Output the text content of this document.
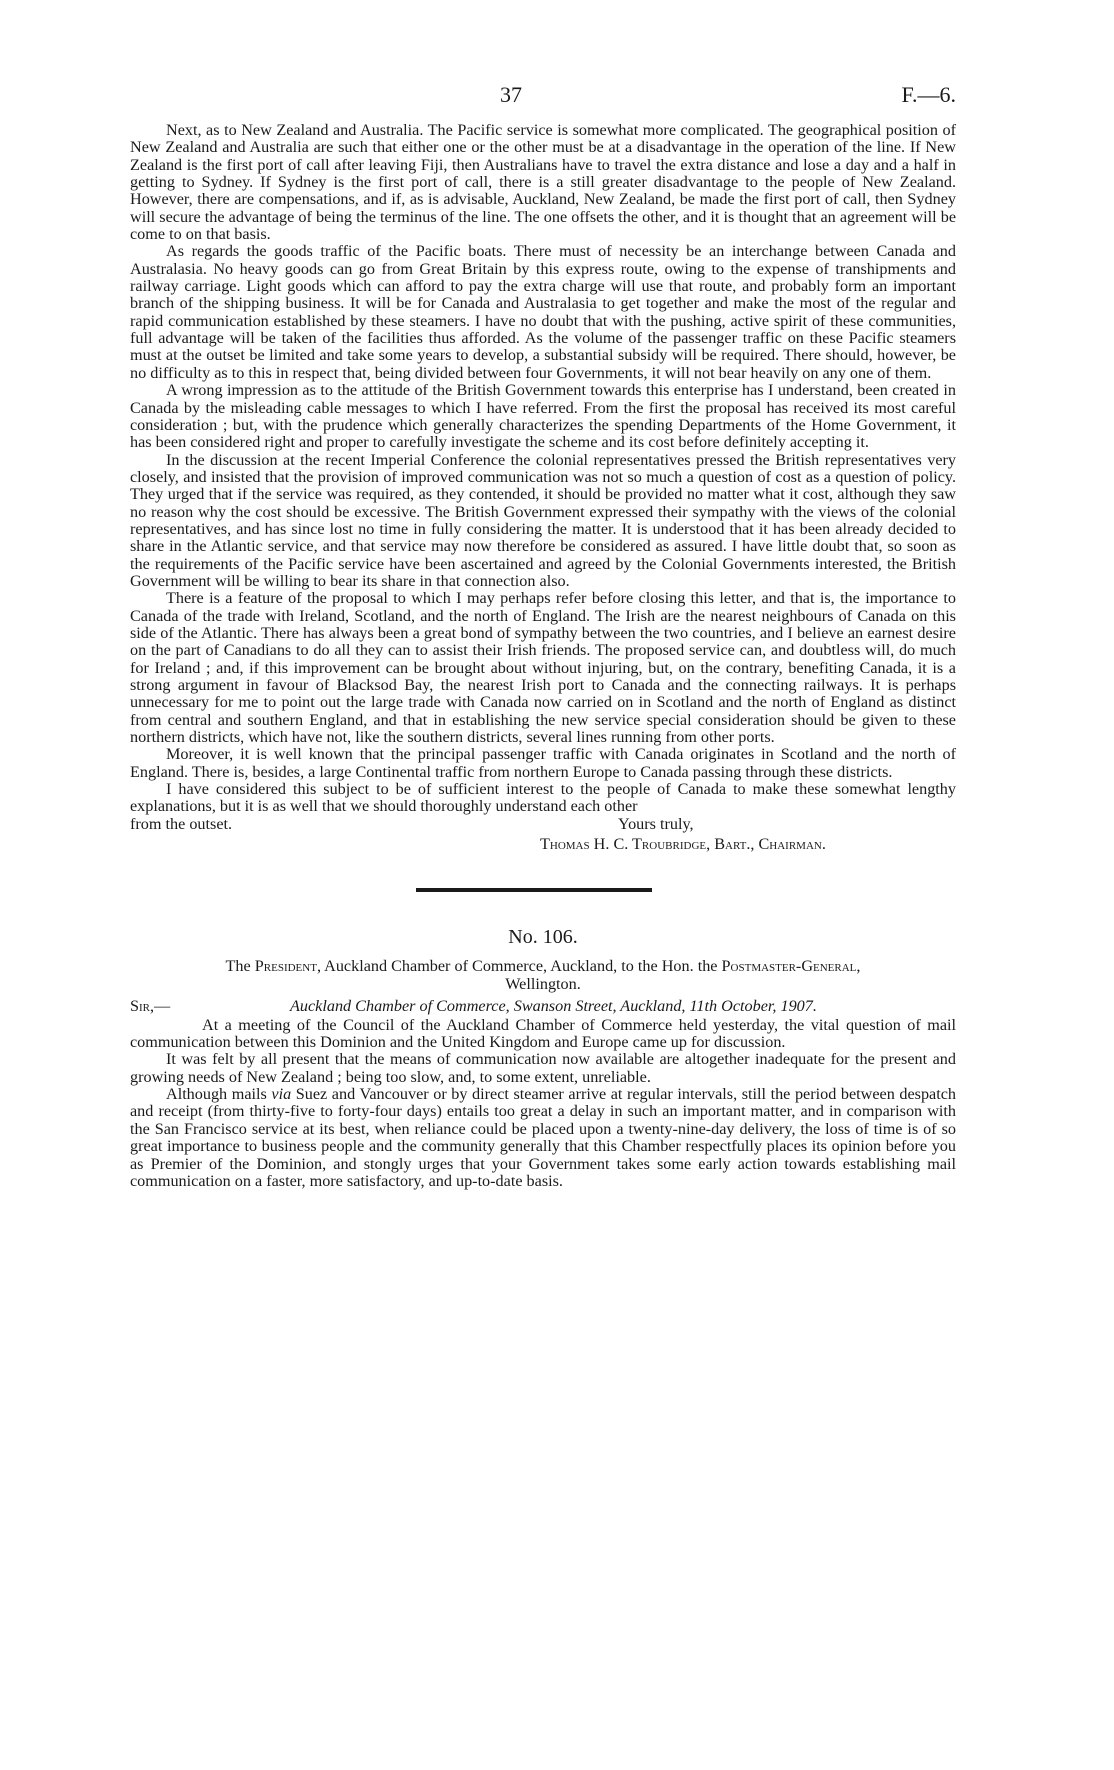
37	F.—6.

Next, as to New Zealand and Australia. The Pacific service is somewhat more complicated. The geographical position of New Zealand and Australia are such that either one or the other must be at a disadvantage in the operation of the line. If New Zealand is the first port of call after leaving Fiji, then Australians have to travel the extra distance and lose a day and a half in getting to Sydney. If Sydney is the first port of call, there is a still greater disadvantage to the people of New Zealand. However, there are compensations, and if, as is advisable, Auckland, New Zealand, be made the first port of call, then Sydney will secure the advantage of being the terminus of the line. The one offsets the other, and it is thought that an agreement will be come to on that basis.

As regards the goods traffic of the Pacific boats. There must of necessity be an interchange between Canada and Australasia. No heavy goods can go from Great Britain by this express route, owing to the expense of transhipments and railway carriage. Light goods which can afford to pay the extra charge will use that route, and probably form an important branch of the shipping business. It will be for Canada and Australasia to get together and make the most of the regular and rapid communication established by these steamers. I have no doubt that with the pushing, active spirit of these communities, full advantage will be taken of the facilities thus afforded. As the volume of the passenger traffic on these Pacific steamers must at the outset be limited and take some years to develop, a substantial subsidy will be required. There should, however, be no difficulty as to this in respect that, being divided between four Governments, it will not bear heavily on any one of them.

A wrong impression as to the attitude of the British Government towards this enterprise has I understand, been created in Canada by the misleading cable messages to which I have referred. From the first the proposal has received its most careful consideration ; but, with the prudence which generally characterizes the spending Departments of the Home Government, it has been considered right and proper to carefully investigate the scheme and its cost before definitely accepting it.

In the discussion at the recent Imperial Conference the colonial representatives pressed the British representatives very closely, and insisted that the provision of improved communication was not so much a question of cost as a question of policy. They urged that if the service was required, as they contended, it should be provided no matter what it cost, although they saw no reason why the cost should be excessive. The British Government expressed their sympathy with the views of the colonial representatives, and has since lost no time in fully considering the matter. It is understood that it has been already decided to share in the Atlantic service, and that service may now therefore be considered as assured. I have little doubt that, so soon as the requirements of the Pacific service have been ascertained and agreed by the Colonial Governments interested, the British Government will be willing to bear its share in that connection also.

There is a feature of the proposal to which I may perhaps refer before closing this letter, and that is, the importance to Canada of the trade with Ireland, Scotland, and the north of England. The Irish are the nearest neighbours of Canada on this side of the Atlantic. There has always been a great bond of sympathy between the two countries, and I believe an earnest desire on the part of Canadians to do all they can to assist their Irish friends. The proposed service can, and doubtless will, do much for Ireland ; and, if this improvement can be brought about without injuring, but, on the contrary, benefiting Canada, it is a strong argument in favour of Blacksod Bay, the nearest Irish port to Canada and the connecting railways. It is perhaps unnecessary for me to point out the large trade with Canada now carried on in Scotland and the north of England as distinct from central and southern England, and that in establishing the new service special consideration should be given to these northern districts, which have not, like the southern districts, several lines running from other ports.

Moreover, it is well known that the principal passenger traffic with Canada originates in Scotland and the north of England. There is, besides, a large Continental traffic from northern Europe to Canada passing through these districts.

I have considered this subject to be of sufficient interest to the people of Canada to make these somewhat lengthy explanations, but it is as well that we should thoroughly understand each other

from the outset.	Yours truly,
Thomas H. C. Troubridge, Bart., Chairman.
No. 106.
The President, Auckland Chamber of Commerce, Auckland, to the Hon. the Postmaster-General,
Wellington.
Sir,—	Auckland Chamber of Commerce, Swanson Street, Auckland, 11th October, 1907.

At a meeting of the Council of the Auckland Chamber of Commerce held yesterday, the vital question of mail communication between this Dominion and the United Kingdom and Europe came up for discussion.

It was felt by all present that the means of communication now available are altogether inadequate for the present and growing needs of New Zealand ; being too slow, and, to some extent, unreliable.

Although mails via Suez and Vancouver or by direct steamer arrive at regular intervals, still the period between despatch and receipt (from thirty-five to forty-four days) entails too great a delay in such an important matter, and in comparison with the San Francisco service at its best, when reliance could be placed upon a twenty-nine-day delivery, the loss of time is of so great importance to business people and the community generally that this Chamber respectfully places its opinion before you as Premier of the Dominion, and stongly urges that your Government takes some early action towards establishing mail communication on a faster, more satisfactory, and up-to-date basis.
